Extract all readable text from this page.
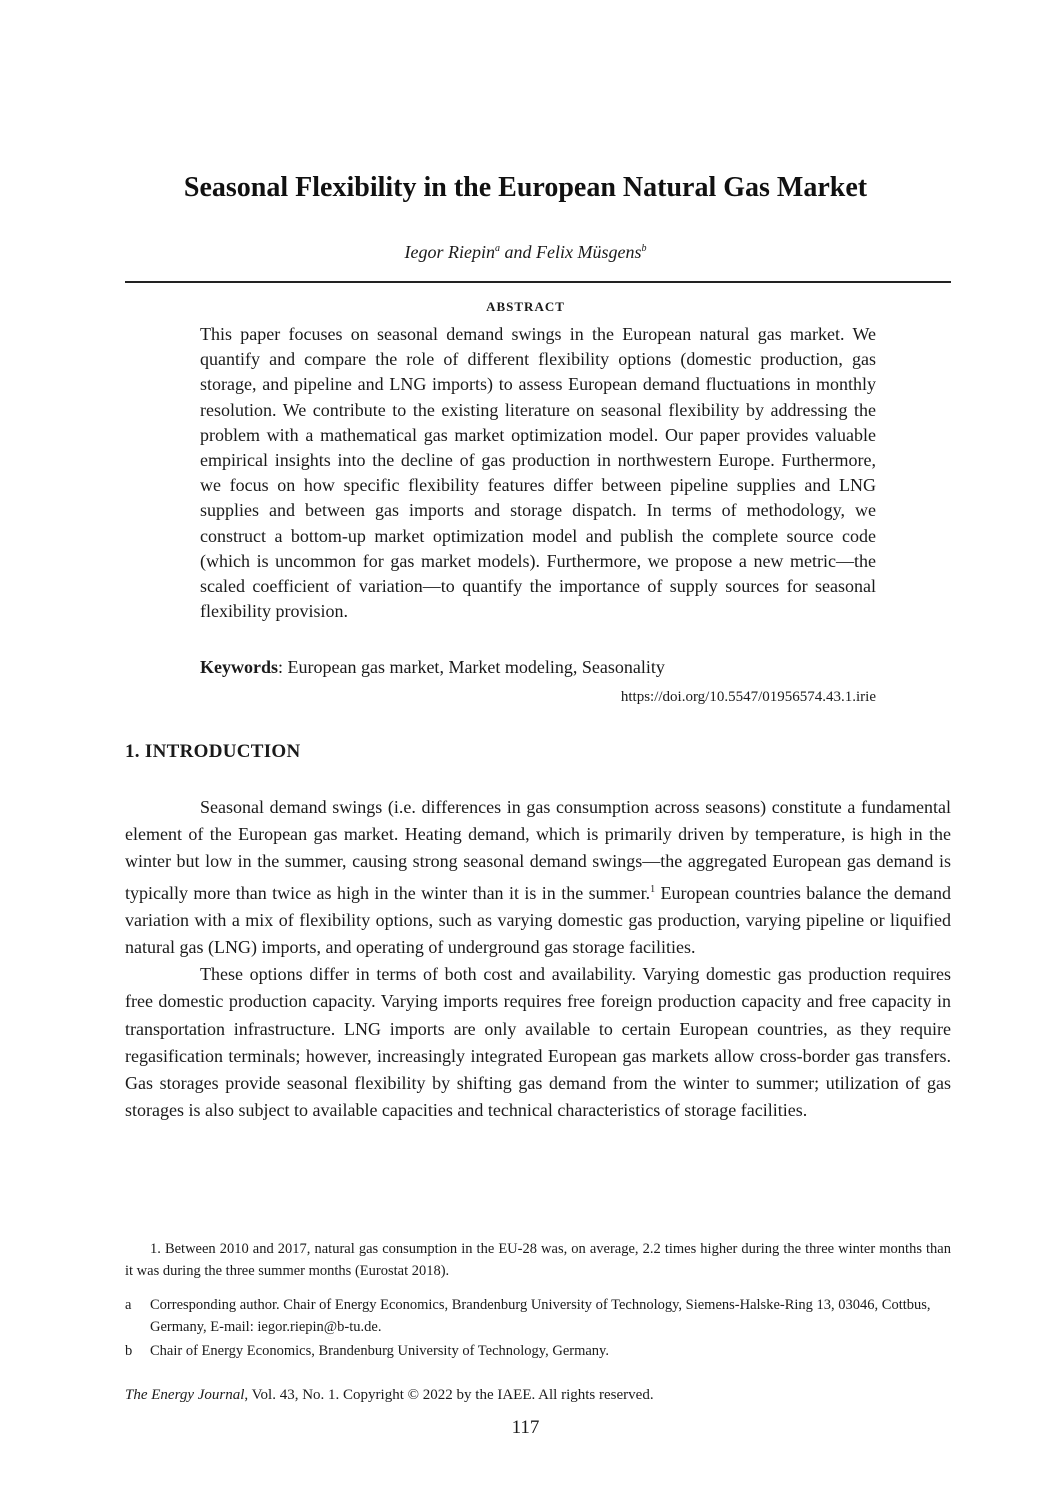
Seasonal Flexibility in the European Natural Gas Market
Iegor Riepin$^a$ and Felix Müsgens$^b$
ABSTRACT

This paper focuses on seasonal demand swings in the European natural gas market. We quantify and compare the role of different flexibility options (domestic production, gas storage, and pipeline and LNG imports) to assess European demand fluctuations in monthly resolution. We contribute to the existing literature on seasonal flexibility by addressing the problem with a mathematical gas market optimization model. Our paper provides valuable empirical insights into the decline of gas production in northwestern Europe. Furthermore, we focus on how specific flexibility features differ between pipeline supplies and LNG supplies and between gas imports and storage dispatch. In terms of methodology, we construct a bottom-up market optimization model and publish the complete source code (which is uncommon for gas market models). Furthermore, we propose a new metric—the scaled coefficient of variation—to quantify the importance of supply sources for seasonal flexibility provision.

Keywords: European gas market, Market modeling, Seasonality

https://doi.org/10.5547/01956574.43.1.irie
1. INTRODUCTION

Seasonal demand swings (i.e. differences in gas consumption across seasons) constitute a fundamental element of the European gas market. Heating demand, which is primarily driven by temperature, is high in the winter but low in the summer, causing strong seasonal demand swings—the aggregated European gas demand is typically more than twice as high in the winter than it is in the summer.$^1$ European countries balance the demand variation with a mix of flexibility options, such as varying domestic gas production, varying pipeline or liquified natural gas (LNG) imports, and operating of underground gas storage facilities.

These options differ in terms of both cost and availability. Varying domestic gas production requires free domestic production capacity. Varying imports requires free foreign production capacity and free capacity in transportation infrastructure. LNG imports are only available to certain European countries, as they require regasification terminals; however, increasingly integrated European gas markets allow cross-border gas transfers. Gas storages provide seasonal flexibility by shifting gas demand from the winter to summer; utilization of gas storages is also subject to available capacities and technical characteristics of storage facilities.

1. Between 2010 and 2017, natural gas consumption in the EU-28 was, on average, 2.2 times higher during the three winter months than it was during the three summer months (Eurostat 2018).

a Corresponding author. Chair of Energy Economics, Brandenburg University of Technology, Siemens-Halske-Ring 13, 03046, Cottbus, Germany, E-mail: iegor.riepin@b-tu.de.
b Chair of Energy Economics, Brandenburg University of Technology, Germany.
The Energy Journal, Vol. 43, No. 1. Copyright © 2022 by the IAEE. All rights reserved.
117
